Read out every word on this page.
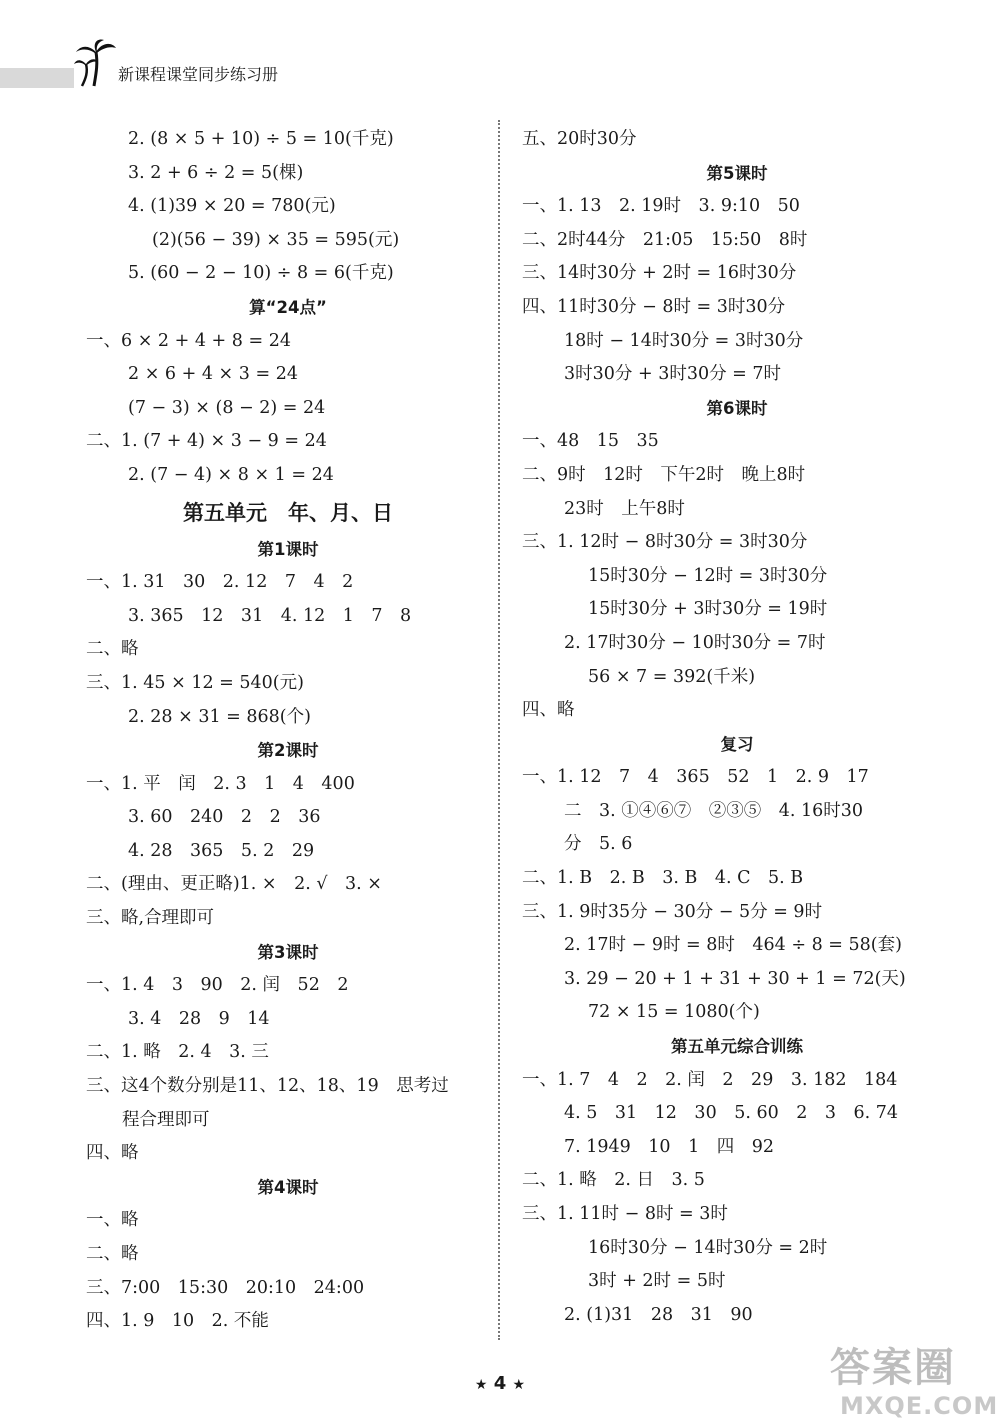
新课程课堂同步练习册
2. (8 × 5 + 10) ÷ 5 = 10(千克)
3. 2 + 6 ÷ 2 = 5(棵)
4. (1)39 × 20 = 780(元)
(2)(56 − 39) × 35 = 595(元)
5. (60 − 2 − 10) ÷ 8 = 6(千克)
算“24点”
一、6 × 2 + 4 + 8 = 24
2 × 6 + 4 × 3 = 24
(7 − 3) × (8 − 2) = 24
二、1. (7 + 4) × 3 − 9 = 24
2. (7 − 4) × 8 × 1 = 24
第五单元　年、月、日
第1课时
一、1. 31　30　2. 12　7　4　2
3. 365　12　31　4. 12　1　7　8
二、略
三、1. 45 × 12 = 540(元)
2. 28 × 31 = 868(个)
第2课时
一、1. 平　闰　2. 3　1　4　400
3. 60　240　2　2　36
4. 28　365　5. 2　29
二、(理由、更正略)1. ×　2. √　3. ×
三、略,合理即可
第3课时
一、1. 4　3　90　2. 闰　52　2
3. 4　28　9　14
二、1. 略　2. 4　3. 三
三、这4个数分别是11、12、18、19　思考过
程合理即可
四、略
第4课时
一、略
二、略
三、7:00　15:30　20:10　24:00
四、1. 9　10　2. 不能
五、20时30分
第5课时
一、1. 13　2. 19时　3. 9:10　50
二、2时44分　21:05　15:50　8时
三、14时30分 + 2时 = 16时30分
四、11时30分 − 8时 = 3时30分
18时 − 14时30分 = 3时30分
3时30分 + 3时30分 = 7时
第6课时
一、48　15　35
二、9时　12时　下午2时　晚上8时
23时　上午8时
三、1. 12时 − 8时30分 = 3时30分
15时30分 − 12时 = 3时30分
15时30分 + 3时30分 = 19时
2. 17时30分 − 10时30分 = 7时
56 × 7 = 392(千米)
四、略
复习
一、1. 12　7　4　365　52　1　2. 9　17
二　3. ①④⑥⑦　②③⑤　4. 16时30
分　5. 6
二、1. B　2. B　3. B　4. C　5. B
三、1. 9时35分 − 30分 − 5分 = 9时
2. 17时 − 9时 = 8时　464 ÷ 8 = 58(套)
3. 29 − 20 + 1 + 31 + 30 + 1 = 72(天)
72 × 15 = 1080(个)
第五单元综合训练
一、1. 7　4　2　2. 闰　2　29　3. 182　184
4. 5　31　12　30　5. 60　2　3　6. 74
7. 1949　10　1　四　92
二、1. 略　2. 日　3. 5
三、1. 11时 − 8时 = 3时
16时30分 − 14时30分 = 2时
3时 + 2时 = 5时
2. (1)31　28　31　90
★ 4 ★	答案圈
MXQE.COM
